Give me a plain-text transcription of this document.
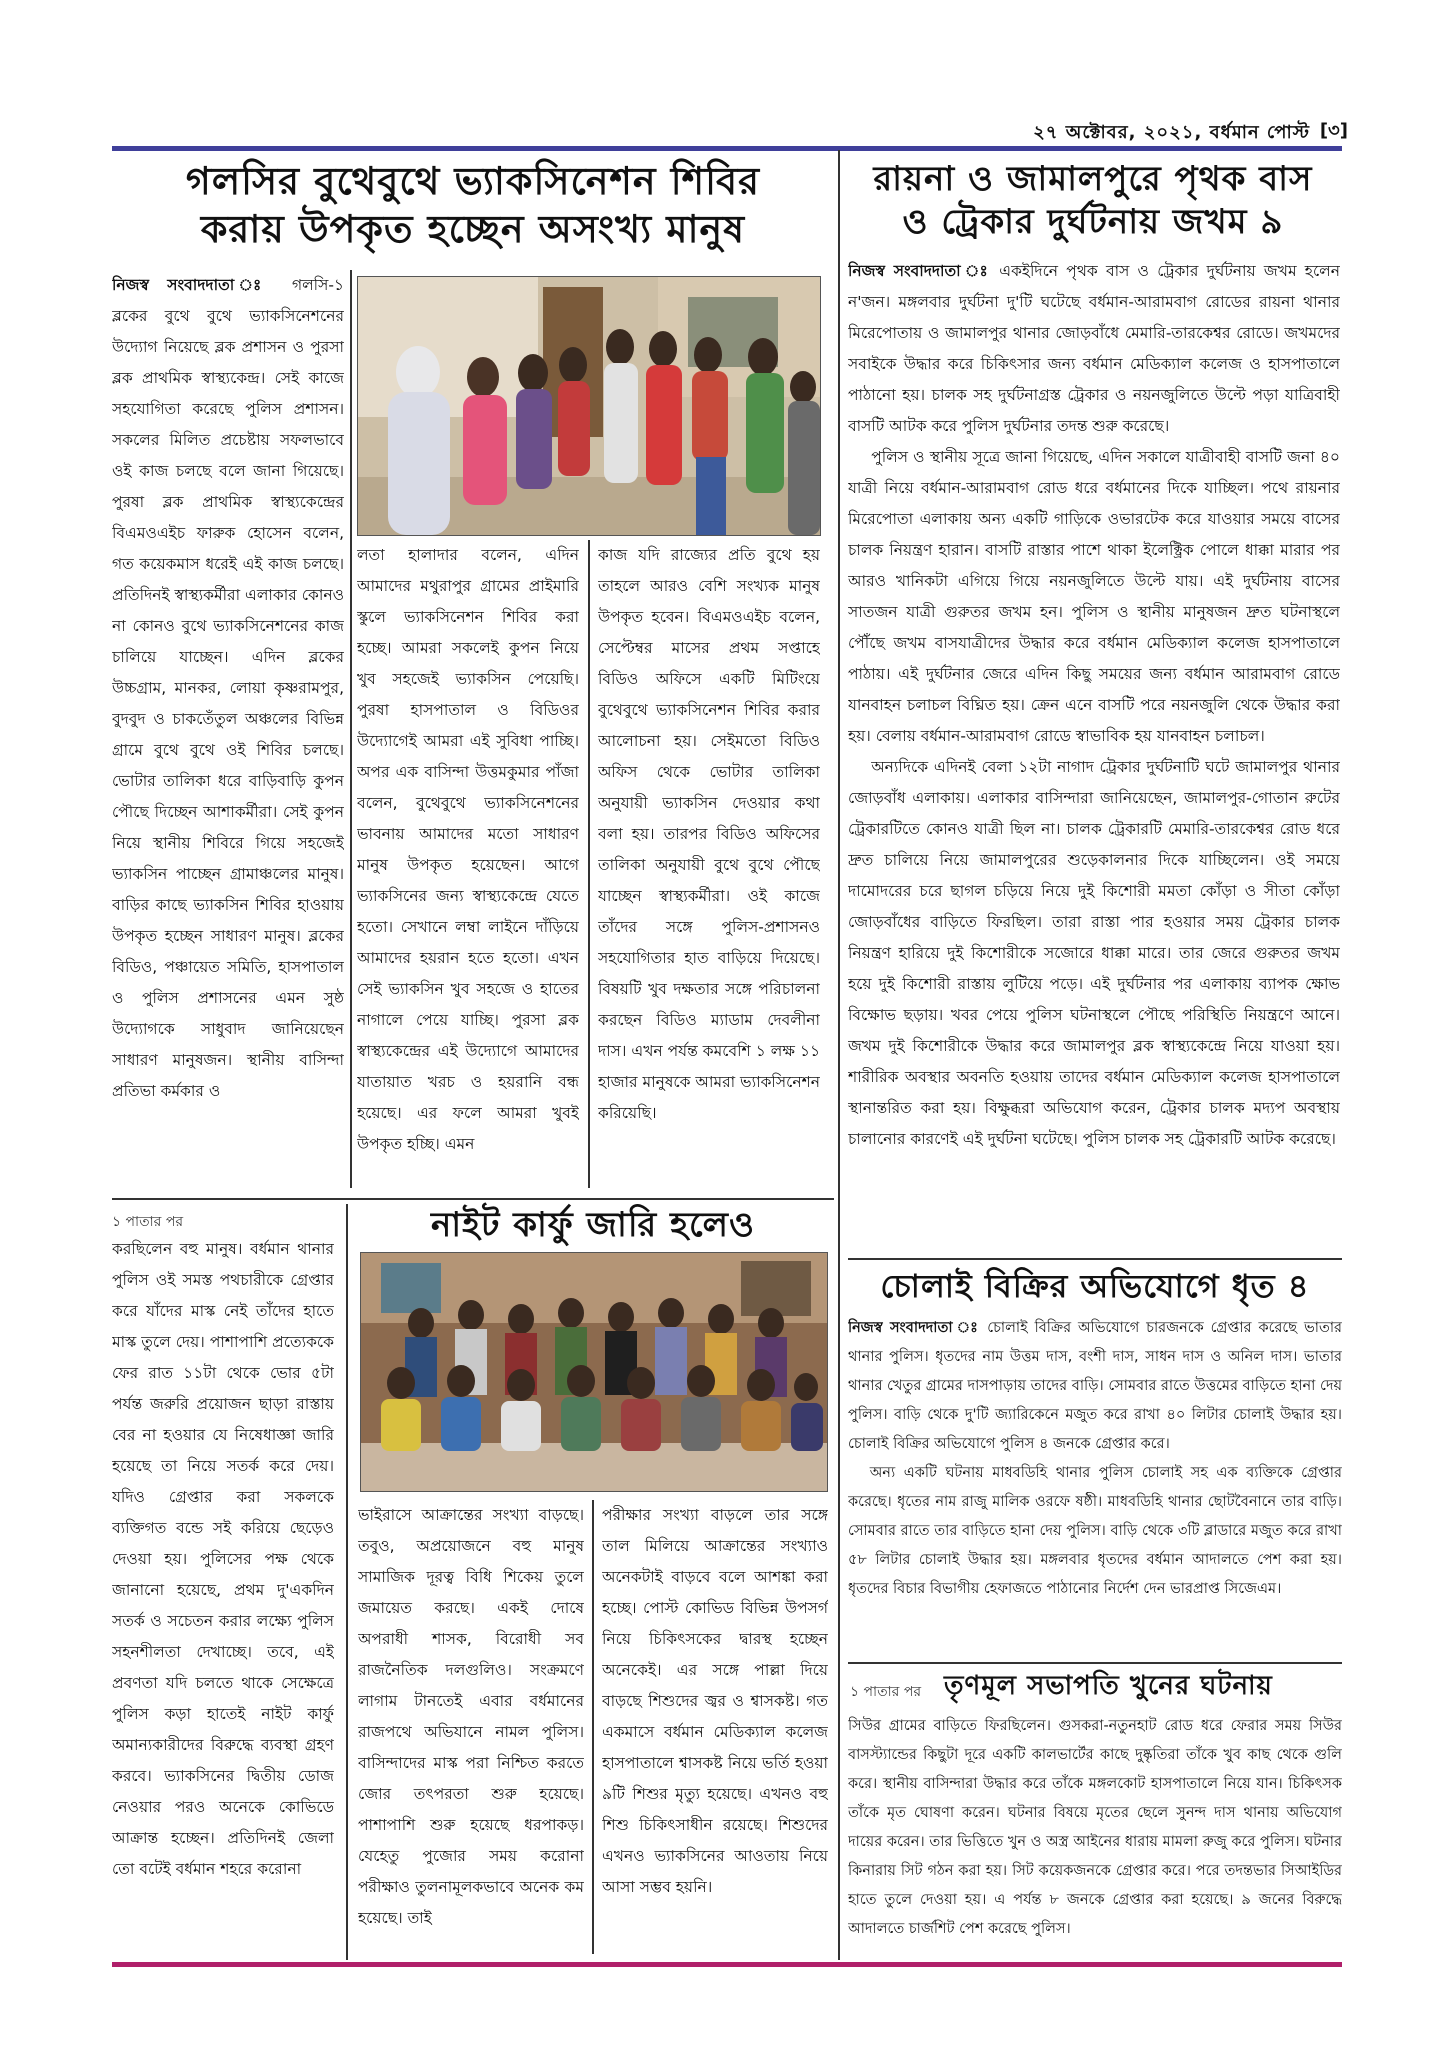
২৭ অক্টোবর, ২০২১, বর্ধমান পোস্ট [৩]
গলসির বুথেবুথে ভ্যাকসিনেশন শিবির
করায় উপকৃত হচ্ছেন অসংখ্য মানুষ

নিজস্ব সংবাদদাতা ঃ গলসি-১ ব্লকের বুথে বুথে ভ্যাকসিনেশনের উদ্যোগ নিয়েছে ব্লক প্রশাসন ও পুরসা ব্লক প্রাথমিক স্বাস্থ্যকেন্দ্র। সেই কাজে সহযোগিতা করেছে পুলিস প্রশাসন। সকলের মিলিত প্রচেষ্টায় সফলভাবে ওই কাজ চলছে বলে জানা গিয়েছে। পুরষা ব্লক প্রাথমিক স্বাস্থ্যকেন্দ্রের বিএমওএইচ ফারুক হোসেন বলেন, গত কয়েকমাস ধরেই এই কাজ চলছে। প্রতিদিনই স্বাস্থ্যকর্মীরা এলাকার কোনও না কোনও বুথে ভ্যাকসিনেশনের কাজ চালিয়ে যাচ্ছেন। এদিন ব্লকের উচ্চগ্রাম, মানকর, লোয়া কৃষ্ণরামপুর, বুদবুদ ও চাকতেঁতুল অঞ্চলের বিভিন্ন গ্রামে বুথে বুথে ওই শিবির চলছে। ভোটার তালিকা ধরে বাড়িবাড়ি কুপন পৌছে দিচ্ছেন আশাকর্মীরা। সেই কুপন নিয়ে স্থানীয় শিবিরে গিয়ে সহজেই ভ্যাকসিন পাচ্ছেন গ্রামাঞ্চলের মানুষ। বাড়ির কাছে ভ্যাকসিন শিবির হাওয়ায় উপকৃত হচ্ছেন সাধারণ মানুষ। ব্লকের বিডিও, পঞ্চায়েত সমিতি, হাসপাতাল ও পুলিস প্রশাসনের এমন সুষ্ঠ উদ্যোগকে সাধুবাদ জানিয়েছেন সাধারণ মানুষজন। স্থানীয় বাসিন্দা প্রতিভা কর্মকার ও

লতা হালাদার বলেন, এদিন আমাদের মথুরাপুর গ্রামের প্রাইমারি স্কুলে ভ্যাকসিনেশন শিবির করা হচ্ছে। আমরা সকলেই কুপন নিয়ে খুব সহজেই ভ্যাকসিন পেয়েছি। পুরষা হাসপাতাল ও বিডিওর উদ্যোগেই আমরা এই সুবিধা পাচ্ছি। অপর এক বাসিন্দা উত্তমকুমার পাঁজা বলেন, বুথেবুথে ভ্যাকসিনেশনের ভাবনায় আমাদের মতো সাধারণ মানুষ উপকৃত হয়েছেন। আগে ভ্যাকসিনের জন্য স্বাস্থ্যকেন্দ্রে যেতে হতো। সেখানে লম্বা লাইনে দাঁড়িয়ে আমাদের হয়রান হতে হতো। এখন সেই ভ্যাকসিন খুব সহজে ও হাতের নাগালে পেয়ে যাচ্ছি। পুরসা ব্লক স্বাস্থ্যকেন্দ্রের এই উদ্যোগে আমাদের যাতায়াত খরচ ও হয়রানি বন্ধ হয়েছে। এর ফলে আমরা খুবই উপকৃত হচ্ছি। এমন

কাজ যদি রাজ্যের প্রতি বুথে হয় তাহলে আরও বেশি সংখ্যক মানুষ উপকৃত হবেন। বিএমওএইচ বলেন, সেপ্টেম্বর মাসের প্রথম সপ্তাহে বিডিও অফিসে একটি মিটিংয়ে বুথেবুথে ভ্যাকসিনেশন শিবির করার আলোচনা হয়। সেইমতো বিডিও অফিস থেকে ভোটার তালিকা অনুযায়ী ভ্যাকসিন দেওয়ার কথা বলা হয়। তারপর বিডিও অফিসের তালিকা অনুযায়ী বুথে বুথে পৌছে যাচ্ছেন স্বাস্থ্যকর্মীরা। ওই কাজে তাঁদের সঙ্গে পুলিস-প্রশাসনও সহযোগিতার হাত বাড়িয়ে দিয়েছে। বিষয়টি খুব দক্ষতার সঙ্গে পরিচালনা করছেন বিডিও ম্যাডাম দেবলীনা দাস। এখন পর্যন্ত কমবেশি ১ লক্ষ ১১ হাজার মানুষকে আমরা ভ্যাকসিনেশন করিয়েছি।

রায়না ও জামালপুরে পৃথক বাস
ও ট্রেকার দুর্ঘটনায় জখম ৯

নিজস্ব সংবাদদাতা ঃ একইদিনে পৃথক বাস ও ট্রেকার দুর্ঘটনায় জখম হলেন ন'জন। মঙ্গলবার দুর্ঘটনা দু'টি ঘটেছে বর্ধমান-আরামবাগ রোডের রায়না থানার মিরেপোতায় ও জামালপুর থানার জোড়বাঁধে মেমারি-তারকেশ্বর রোডে। জখমদের সবাইকে উদ্ধার করে চিকিৎসার জন্য বর্ধমান মেডিক্যাল কলেজ ও হাসপাতালে পাঠানো হয়। চালক সহ দুর্ঘটনাগ্রস্ত ট্রেকার ও নয়নজুলিতে উল্টে পড়া যাত্রিবাহী বাসটি আটক করে পুলিস দুর্ঘটনার তদন্ত শুরু করেছে।

পুলিস ও স্থানীয় সূত্রে জানা গিয়েছে, এদিন সকালে যাত্রীবাহী বাসটি জনা ৪০ যাত্রী নিয়ে বর্ধমান-আরামবাগ রোড ধরে বর্ধমানের দিকে যাচ্ছিল। পথে রায়নার মিরেপোতা এলাকায় অন্য একটি গাড়িকে ওভারটেক করে যাওয়ার সময়ে বাসের চালক নিয়ন্ত্রণ হারান। বাসটি রাস্তার পাশে থাকা ইলেক্ট্রিক পোলে ধাক্কা মারার পর আরও খানিকটা এগিয়ে গিয়ে নয়নজুলিতে উল্টে যায়। এই দুর্ঘটনায় বাসের সাতজন যাত্রী গুরুতর জখম হন। পুলিস ও স্থানীয় মানুষজন দ্রুত ঘটনাস্থলে পৌঁছে জখম বাসযাত্রীদের উদ্ধার করে বর্ধমান মেডিক্যাল কলেজ হাসপাতালে পাঠায়। এই দুর্ঘটনার জেরে এদিন কিছু সময়ের জন্য বর্ধমান আরামবাগ রোডে যানবাহন চলাচল বিঘ্নিত হয়। ক্রেন এনে বাসটি পরে নয়নজুলি থেকে উদ্ধার করা হয়। বেলায় বর্ধমান-আরামবাগ রোডে স্বাভাবিক হয় যানবাহন চলাচল।

অন্যদিকে এদিনই বেলা ১২টা নাগাদ ট্রেকার দুর্ঘটনাটি ঘটে জামালপুর থানার জোড়বাঁধ এলাকায়। এলাকার বাসিন্দারা জানিয়েছেন, জামালপুর-গোতান রুটের ট্রেকারটিতে কোনও যাত্রী ছিল না। চালক ট্রেকারটি মেমারি-তারকেশ্বর রোড ধরে দ্রুত চালিয়ে নিয়ে জামালপুরের শুড়েকালনার দিকে যাচ্ছিলেন। ওই সময়ে দামোদরের চরে ছাগল চড়িয়ে নিয়ে দুই কিশোরী মমতা কোঁড়া ও সীতা কোঁড়া জোড়বাঁধের বাড়িতে ফিরছিল। তারা রাস্তা পার হওয়ার সময় ট্রেকার চালক নিয়ন্ত্রণ হারিয়ে দুই কিশোরীকে সজোরে ধাক্কা মারে। তার জেরে গুরুতর জখম হয়ে দুই কিশোরী রাস্তায় লুটিয়ে পড়ে। এই দুর্ঘটনার পর এলাকায় ব্যাপক ক্ষোভ বিক্ষোভ ছড়ায়। খবর পেয়ে পুলিস ঘটনাস্থলে পৌছে পরিস্থিতি নিয়ন্ত্রণে আনে। জখম দুই কিশোরীকে উদ্ধার করে জামালপুর ব্লক স্বাস্থ্যকেন্দ্রে নিয়ে যাওয়া হয়। শারীরিক অবস্থার অবনতি হওয়ায় তাদের বর্ধমান মেডিক্যাল কলেজ হাসপাতালে স্থানান্তরিত করা হয়। বিক্ষুব্ধরা অভিযোগ করেন, ট্রেকার চালক মদ্যপ অবস্থায় চালানোর কারণেই এই দুর্ঘটনা ঘটেছে। পুলিস চালক সহ ট্রেকারটি আটক করেছে।

১ পাতার পর

করছিলেন বহু মানুষ। বর্ধমান থানার পুলিস ওই সমস্ত পথচারীকে গ্রেপ্তার করে যাঁদের মাস্ক নেই তাঁদের হাতে মাস্ক তুলে দেয়। পাশাপাশি প্রত্যেককে ফের রাত ১১টা থেকে ভোর ৫টা পর্যন্ত জরুরি প্রয়োজন ছাড়া রাস্তায় বের না হওয়ার যে নিষেধাজ্ঞা জারি হয়েছে তা নিয়ে সতর্ক করে দেয়। যদিও গ্রেপ্তার করা সকলকে ব্যক্তিগত বন্ডে সই করিয়ে ছেড়েও দেওয়া হয়। পুলিসের পক্ষ থেকে জানানো হয়েছে, প্রথম দু'একদিন সতর্ক ও সচেতন করার লক্ষ্যে পুলিস সহনশীলতা দেখাচ্ছে। তবে, এই প্রবণতা যদি চলতে থাকে সেক্ষেত্রে পুলিস কড়া হাতেই নাইট কার্ফু অমান্যকারীদের বিরুদ্ধে ব্যবস্থা গ্রহণ করবে। ভ্যাকসিনের দ্বিতীয় ডোজ নেওয়ার পরও অনেকে কোভিডে আক্রান্ত হচ্ছেন। প্রতিদিনই জেলা তো বটেই বর্ধমান শহরে করোনা

নাইট কার্ফু জারি হলেও

ভাইরাসে আক্রান্তের সংখ্যা বাড়ছে। তবুও, অপ্রয়োজনে বহু মানুষ সামাজিক দূরত্ব বিধি শিকেয় তুলে জমায়েত করছে। একই দোষে অপরাধী শাসক, বিরোধী সব রাজনৈতিক দলগুলিও। সংক্রমণে লাগাম টানতেই এবার বর্ধমানের রাজপথে অভিযানে নামল পুলিস। বাসিন্দাদের মাস্ক পরা নিশ্চিত করতে জোর তৎপরতা শুরু হয়েছে। পাশাপাশি শুরু হয়েছে ধরপাকড়। যেহেতু পুজোর সময় করোনা পরীক্ষাও তুলনামূলকভাবে অনেক কম হয়েছে। তাই

পরীক্ষার সংখ্যা বাড়লে তার সঙ্গে তাল মিলিয়ে আক্রান্তের সংখ্যাও অনেকটাই বাড়বে বলে আশঙ্কা করা হচ্ছে। পোস্ট কোভিড বিভিন্ন উপসর্গ নিয়ে চিকিৎসকের দ্বারস্থ হচ্ছেন অনেকেই। এর সঙ্গে পাল্লা দিয়ে বাড়ছে শিশুদের জ্বর ও শ্বাসকষ্ট। গত একমাসে বর্ধমান মেডিক্যাল কলেজ হাসপাতালে শ্বাসকষ্ট নিয়ে ভর্তি হওয়া ৯টি শিশুর মৃত্যু হয়েছে। এখনও বহু শিশু চিকিৎসাধীন রয়েছে। শিশুদের এখনও ভ্যাকসিনের আওতায় নিয়ে আসা সম্ভব হয়নি।

চোলাই বিক্রির অভিযোগে ধৃত ৪

নিজস্ব সংবাদদাতা ঃ চোলাই বিক্রির অভিযোগে চারজনকে গ্রেপ্তার করেছে ভাতার থানার পুলিস। ধৃতদের নাম উত্তম দাস, বংশী দাস, সাধন দাস ও অনিল দাস। ভাতার থানার খেতুর গ্রামের দাসপাড়ায় তাদের বাড়ি। সোমবার রাতে উত্তমের বাড়িতে হানা দেয় পুলিস। বাড়ি থেকে দু'টি জ্যারিকেনে মজুত করে রাখা ৪০ লিটার চোলাই উদ্ধার হয়। চোলাই বিক্রির অভিযোগে পুলিস ৪ জনকে গ্রেপ্তার করে।

অন্য একটি ঘটনায় মাধবডিহি থানার পুলিস চোলাই সহ এক ব্যক্তিকে গ্রেপ্তার করেছে। ধৃতের নাম রাজু মালিক ওরফে ষষ্ঠী। মাধবডিহি থানার ছোটবৈনানে তার বাড়ি। সোমবার রাতে তার বাড়িতে হানা দেয় পুলিস। বাড়ি থেকে ৩টি ব্লাডারে মজুত করে রাখা ৫৮ লিটার চোলাই উদ্ধার হয়। মঙ্গলবার ধৃতদের বর্ধমান আদালতে পেশ করা হয়। ধৃতদের বিচার বিভাগীয় হেফাজতে পাঠানোর নির্দেশ দেন ভারপ্রাপ্ত সিজেএম।

১ পাতার পর তৃণমূল সভাপতি খুনের ঘটনায়

সিউর গ্রামের বাড়িতে ফিরছিলেন। গুসকরা-নতুনহাট রোড ধরে ফেরার সময় সিউর বাসস্ট্যান্ডের কিছুটা দূরে একটি কালভার্টের কাছে দুষ্কৃতিরা তাঁকে খুব কাছ থেকে গুলি করে। স্থানীয় বাসিন্দারা উদ্ধার করে তাঁকে মঙ্গলকোট হাসপাতালে নিয়ে যান। চিকিৎসক তাঁকে মৃত ঘোষণা করেন। ঘটনার বিষয়ে মৃতের ছেলে সুনন্দ দাস থানায় অভিযোগ দায়ের করেন। তার ভিত্তিতে খুন ও অস্ত্র আইনের ধারায় মামলা রুজু করে পুলিস। ঘটনার কিনারায় সিট গঠন করা হয়। সিট কয়েকজনকে গ্রেপ্তার করে। পরে তদন্তভার সিআইডির হাতে তুলে দেওয়া হয়। এ পর্যন্ত ৮ জনকে গ্রেপ্তার করা হয়েছে। ৯ জনের বিরুদ্ধে আদালতে চার্জশিট পেশ করেছে পুলিস।
